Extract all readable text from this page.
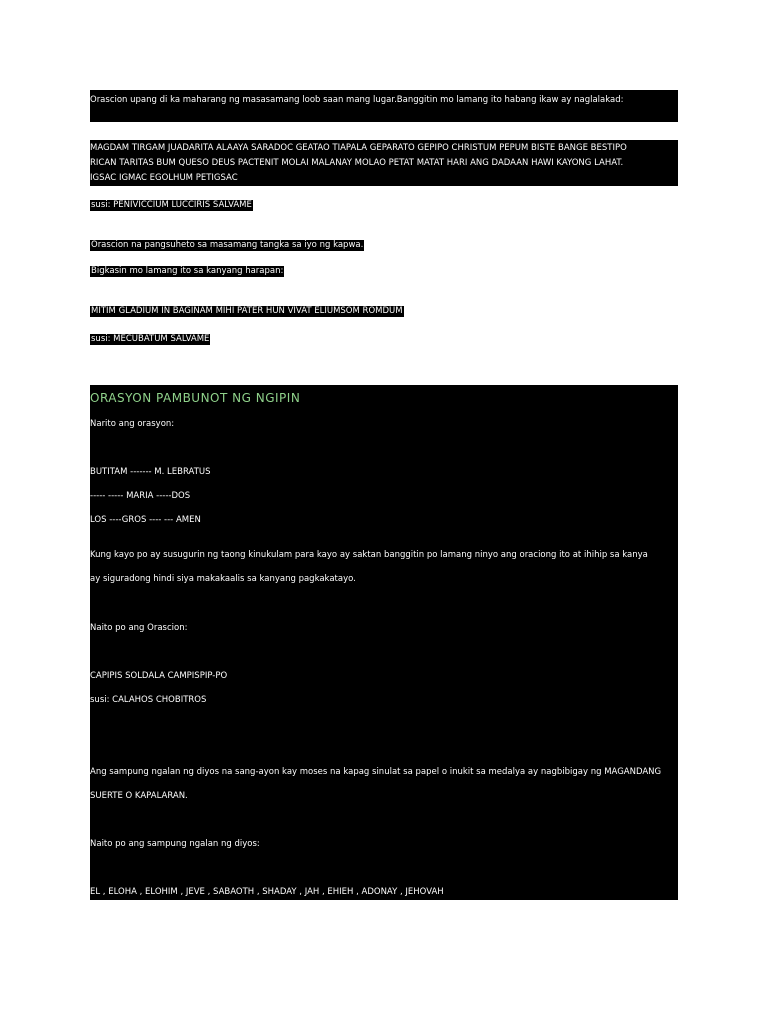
Orascion upang di ka maharang ng masasamang loob saan mang lugar.Banggitin mo lamang ito habang ikaw ay naglalakad:
MAGDAM TIRGAM JUADARITA ALAAYA SARADOC GEATAO TIAPALA GEPARATO GEPIPO CHRISTUM PEPUM BISTE BANGE BESTIPO
RICAN TARITAS BUM QUESO DEUS PACTENIT MOLAI MALANAY MOLAO PETAT MATAT HARI ANG DADAAN HAWI KAYONG LAHAT.
IGSAC IGMAC EGOLHUM PETIGSAC
susi: PENIVICCIUM LUCCIRIS SALVAME
Orascion na pangsuheto sa masamang tangka sa iyo ng kapwa.
Bigkasin mo lamang ito sa kanyang harapan:
MITIM GLADIUM IN BAGINAM MIHI PATER HUN VIVAT ELIUMSOM ROMDUM
susi: MECUBATUM SALVAME
ORASYON PAMBUNOT NG NGIPIN
Narito ang orasyon:
BUTITAM ------- M. LEBRATUS
----- ----- MARIA -----DOS
LOS ----GROS ---- --- AMEN
Kung kayo po ay susugurin ng taong kinukulam para kayo ay saktan banggitin po lamang ninyo ang oraciong ito at ihihip sa kanya
ay siguradong hindi siya makakaalis sa kanyang pagkakatayo.
Naito po ang Orascion:
CAPIPIS SOLDALA CAMPISPIP-PO
susi: CALAHOS CHOBITROS
Ang sampung ngalan ng diyos na sang-ayon kay moses na kapag sinulat sa papel o inukit sa medalya ay nagbibigay ng MAGANDANG
SUERTE O KAPALARAN.
Naito po ang sampung ngalan ng diyos:
EL , ELOHA , ELOHIM , JEVE , SABAOTH , SHADAY , JAH , EHIEH , ADONAY , JEHOVAH
